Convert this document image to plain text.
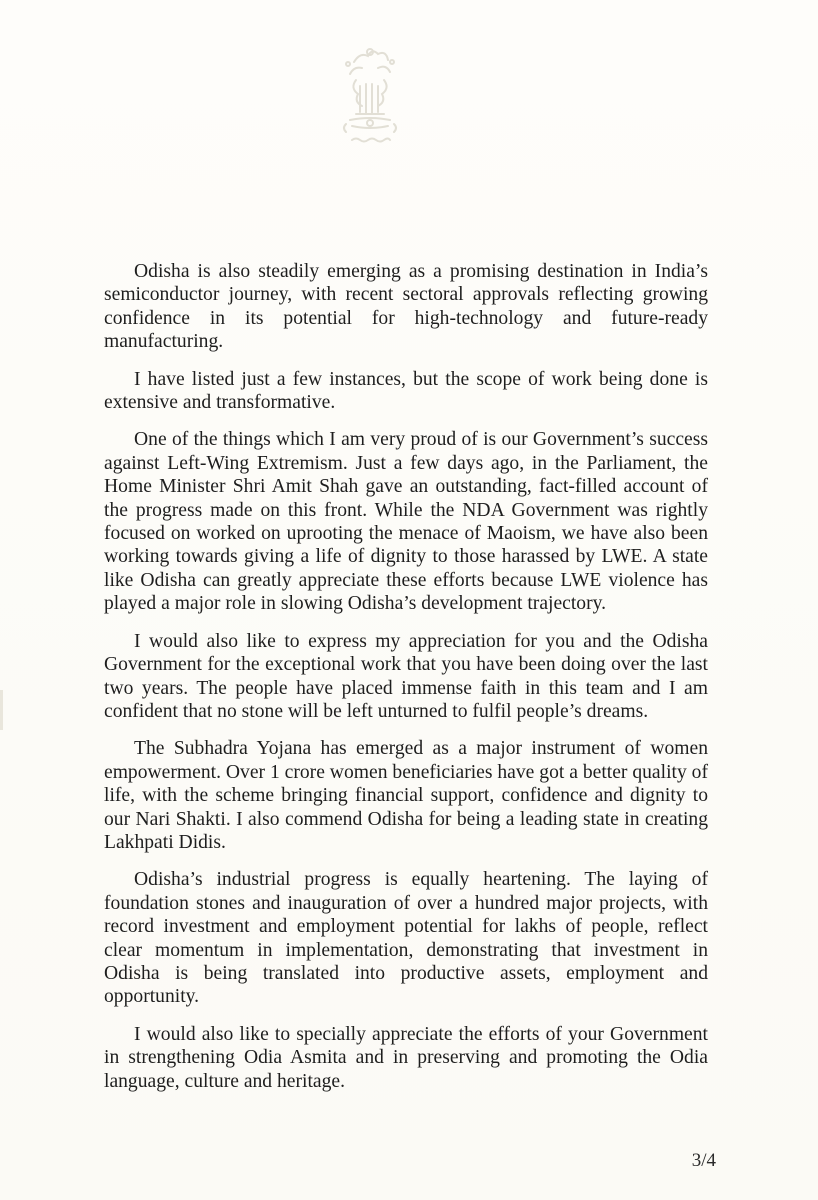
Odisha is also steadily emerging as a promising destination in India’s semiconductor journey, with recent sectoral approvals reflecting growing confidence in its potential for high-technology and future-ready manufacturing.

I have listed just a few instances, but the scope of work being done is extensive and transformative.

One of the things which I am very proud of is our Government’s success against Left-Wing Extremism. Just a few days ago, in the Parliament, the Home Minister Shri Amit Shah gave an outstanding, fact-filled account of the progress made on this front. While the NDA Government was rightly focused on worked on uprooting the menace of Maoism, we have also been working towards giving a life of dignity to those harassed by LWE. A state like Odisha can greatly appreciate these efforts because LWE violence has played a major role in slowing Odisha’s development trajectory.

I would also like to express my appreciation for you and the Odisha Government for the exceptional work that you have been doing over the last two years. The people have placed immense faith in this team and I am confident that no stone will be left unturned to fulfil people’s dreams.

The Subhadra Yojana has emerged as a major instrument of women empowerment. Over 1 crore women beneficiaries have got a better quality of life, with the scheme bringing financial support, confidence and dignity to our Nari Shakti. I also commend Odisha for being a leading state in creating Lakhpati Didis.

Odisha’s industrial progress is equally heartening. The laying of foundation stones and inauguration of over a hundred major projects, with record investment and employment potential for lakhs of people, reflect clear momentum in implementation, demonstrating that investment in Odisha is being translated into productive assets, employment and opportunity.

I would also like to specially appreciate the efforts of your Government in strengthening Odia Asmita and in preserving and promoting the Odia language, culture and heritage.

3/4
